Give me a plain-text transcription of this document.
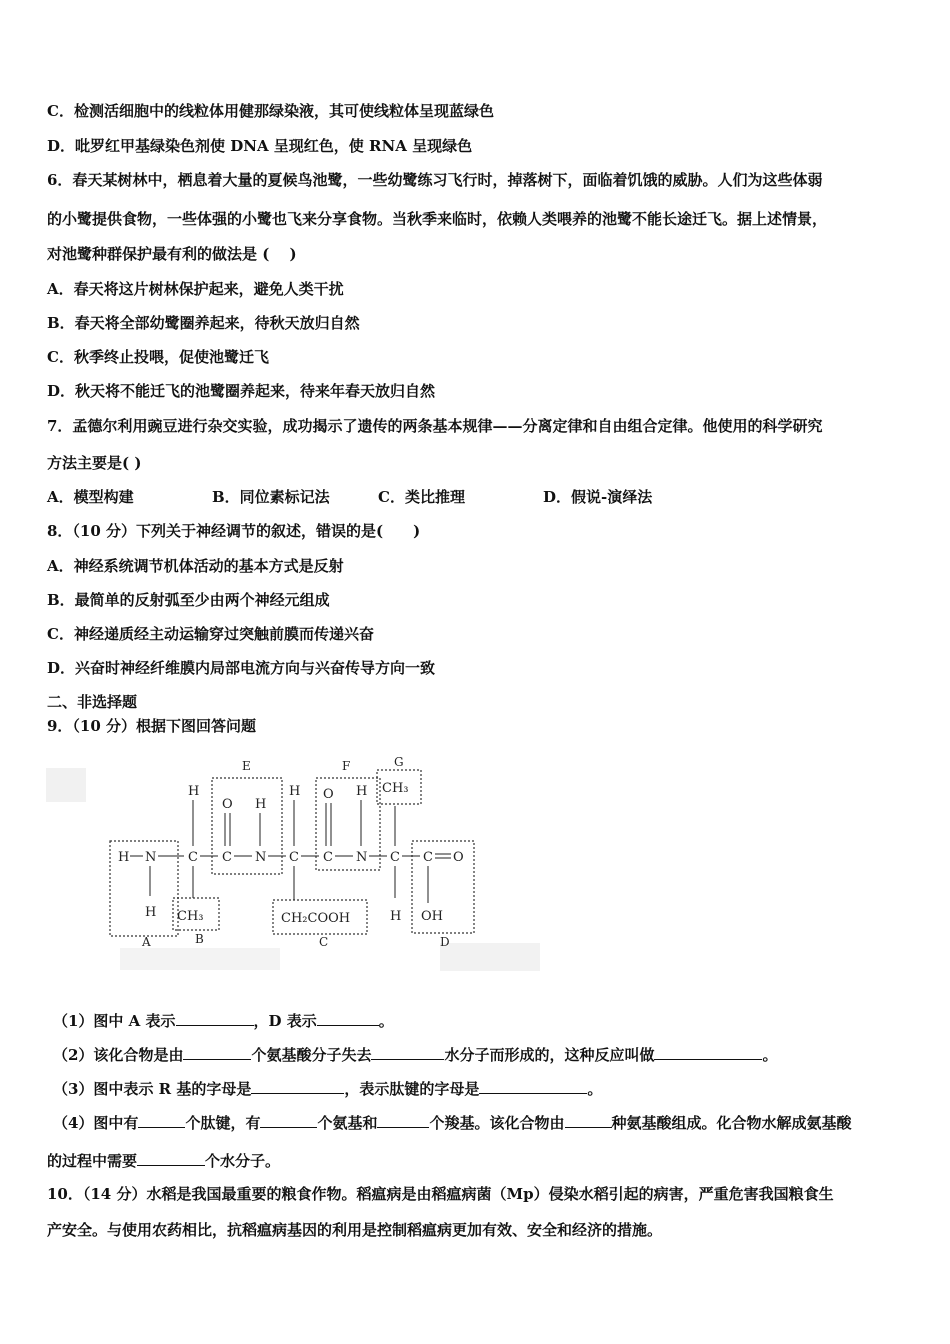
C．检测活细胞中的线粒体用健那绿染液，其可使线粒体呈现蓝绿色
D．吡罗红甲基绿染色剂使 DNA 呈现红色，使 RNA 呈现绿色
6．春天某树林中，栖息着大量的夏候鸟池鹭，一些幼鹭练习飞行时，掉落树下，面临着饥饿的威胁。人们为这些体弱
的小鹭提供食物，一些体强的小鹭也飞来分享食物。当秋季来临时，依赖人类喂养的池鹭不能长途迁飞。据上述情景，
对池鹭种群保护最有利的做法是 (　 )
A．春天将这片树林保护起来，避免人类干扰
B．春天将全部幼鹭圈养起来，待秋天放归自然
C．秋季终止投喂，促使池鹭迁飞
D．秋天将不能迁飞的池鹭圈养起来，待来年春天放归自然
7．孟德尔利用豌豆进行杂交实验，成功揭示了遗传的两条基本规律——分离定律和自由组合定律。他使用的科学研究
方法主要是( )
A．模型构建	B．同位素标记法	C．类比推理	D．假说-演绎法
8．（10 分）下列关于神经调节的叙述，错误的是(　　)
A．神经系统调节机体活动的基本方式是反射
B．最简单的反射弧至少由两个神经元组成
C．神经递质经主动运输穿过突触前膜而传递兴奋
D．兴奋时神经纤维膜内局部电流方向与兴奋传导方向一致
二、非选择题
9．（10 分）根据下图回答问题
A	B	C	D
E	F	G
H N C C N C C N C C O
H
H
CH₃
O H
H
CH₂COOH
O H CH₃
H OH
（1）图中 A 表示	，D 表示	。
（2）该化合物是由	个氨基酸分子失去	水分子而形成的，这种反应叫做	。
（3）图中表示 R 基的字母是	，表示肽键的字母是	。
（4）图中有	个肽键，有	个氨基和	个羧基。该化合物由	种氨基酸组成。化合物水解成氨基酸
的过程中需要	个水分子。
10．（14 分）水稻是我国最重要的粮食作物。稻瘟病是由稻瘟病菌（Mp）侵染水稻引起的病害，严重危害我国粮食生
产安全。与使用农药相比，抗稻瘟病基因的利用是控制稻瘟病更加有效、安全和经济的措施。
